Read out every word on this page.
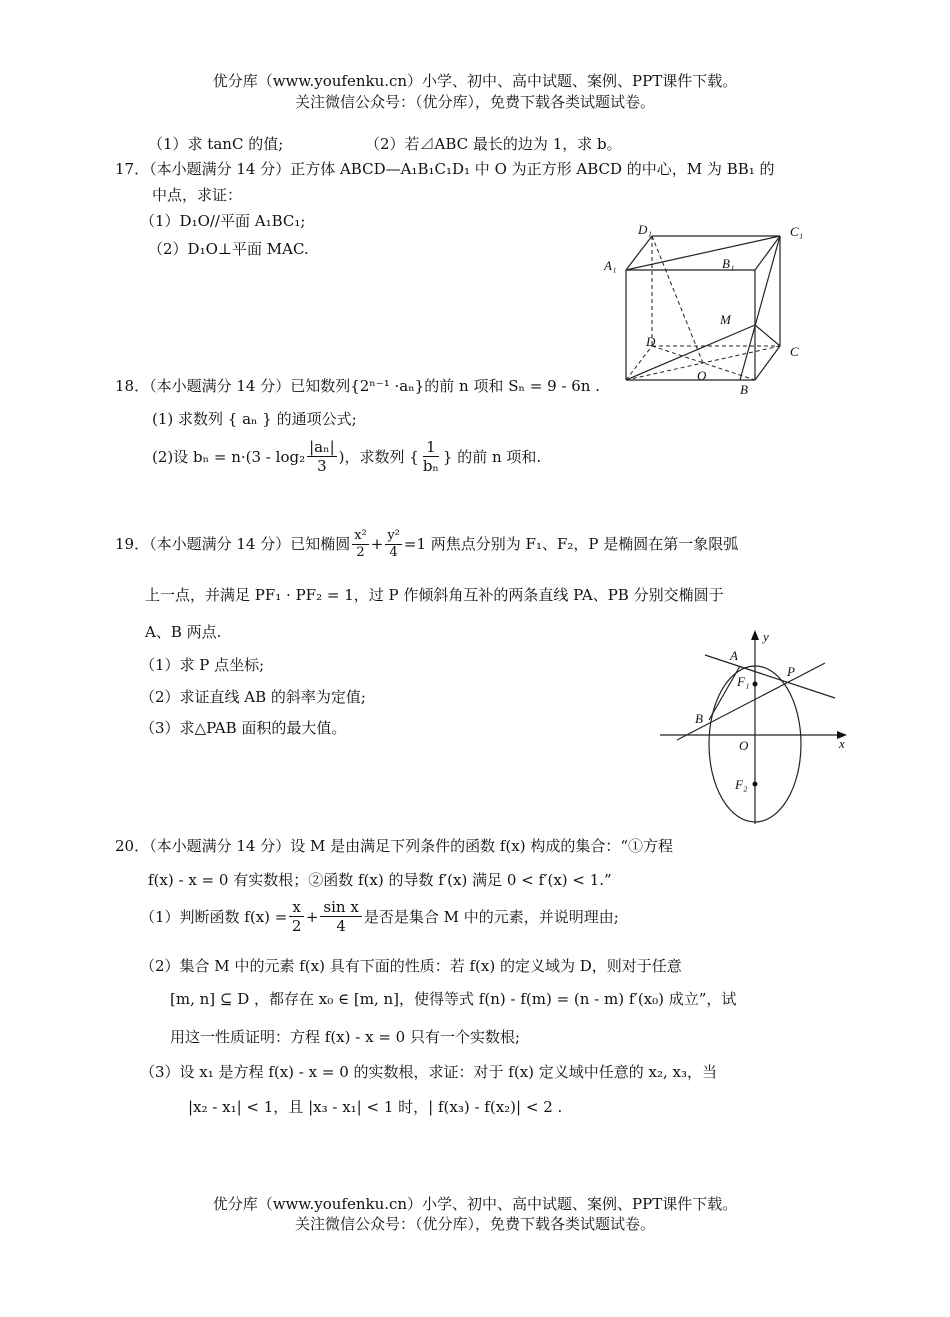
优分库（www.youfenku.cn）小学、初中、高中试题、案例、PPT课件下载。
关注微信公众号：（优分库），免费下载各类试题试卷。
（1）求 tanC 的值;	（2）若⊿ABC 最长的边为 1，求 b。
17．（本小题满分 14 分）正方体 ABCD—A₁B₁C₁D₁ 中 O 为正方形 ABCD 的中心，M 为 BB₁ 的
中点，求证：
（1）D₁O//平面 A₁BC₁;
（2）D₁O⊥平面 MAC.
D₁	C₁
A₁	B₁
M
D
C
O
B
18．（本小题满分 14 分）已知数列{2ⁿ⁻¹ ·aₙ}的前 n 项和 Sₙ = 9 - 6n .
(1) 求数列 { aₙ } 的通项公式;
(2)设 bₙ = n·(3 - log₂
|aₙ|
3
)，求数列 {
1
bₙ
} 的前 n 项和.
19．（本小题满分 14 分）已知椭圆 x²
$2 + \frac{\text{y²}}{4} =1$ 两焦点分别为 F₁、F₂，P 是椭圆在第一象限弧
上一点，并满足 PF₁ · PF₂ = 1，过 P 作倾斜角互补的两条直线 PA、PB 分别交椭圆于
A、B 两点.
（1）求 P 点坐标;
（2）求证直线 AB 的斜率为定值;
（3）求△PAB 面积的最大值。
y
x
A
P
F₁
B
O
F₂
20．（本小题满分 14 分）设 M 是由满足下列条件的函数 f(x) 构成的集合：“①方程
f(x) - x = 0 有实数根；②函数 f(x) 的导数 f′(x) 满足 0 < f′(x) < 1.”
（1）判断函数 $f(x) = \frac{x}{2} + \frac{\text{sin x}}{4}$ 是否是集合 M 中的元素，并说明理由;
（2）集合 M 中的元素 f(x) 具有下面的性质：若 f(x) 的定义域为 D，则对于任意
[m, n] ⊆ D ，都存在 x₀ ∈ [m, n]，使得等式 f(n) - f(m) = (n - m) f′(x₀) 成立”，试
用这一性质证明：方程 f(x) - x = 0 只有一个实数根;
（3）设 x₁ 是方程 f(x) - x = 0 的实数根，求证：对于 f(x) 定义域中任意的 x₂, x₃，当
|x₂ - x₁| < 1，且 |x₃ - x₁| < 1 时，| f(x₃) - f(x₂)| < 2 .
优分库（www.youfenku.cn）小学、初中、高中试题、案例、PPT课件下载。
关注微信公众号：（优分库），免费下载各类试题试卷。
